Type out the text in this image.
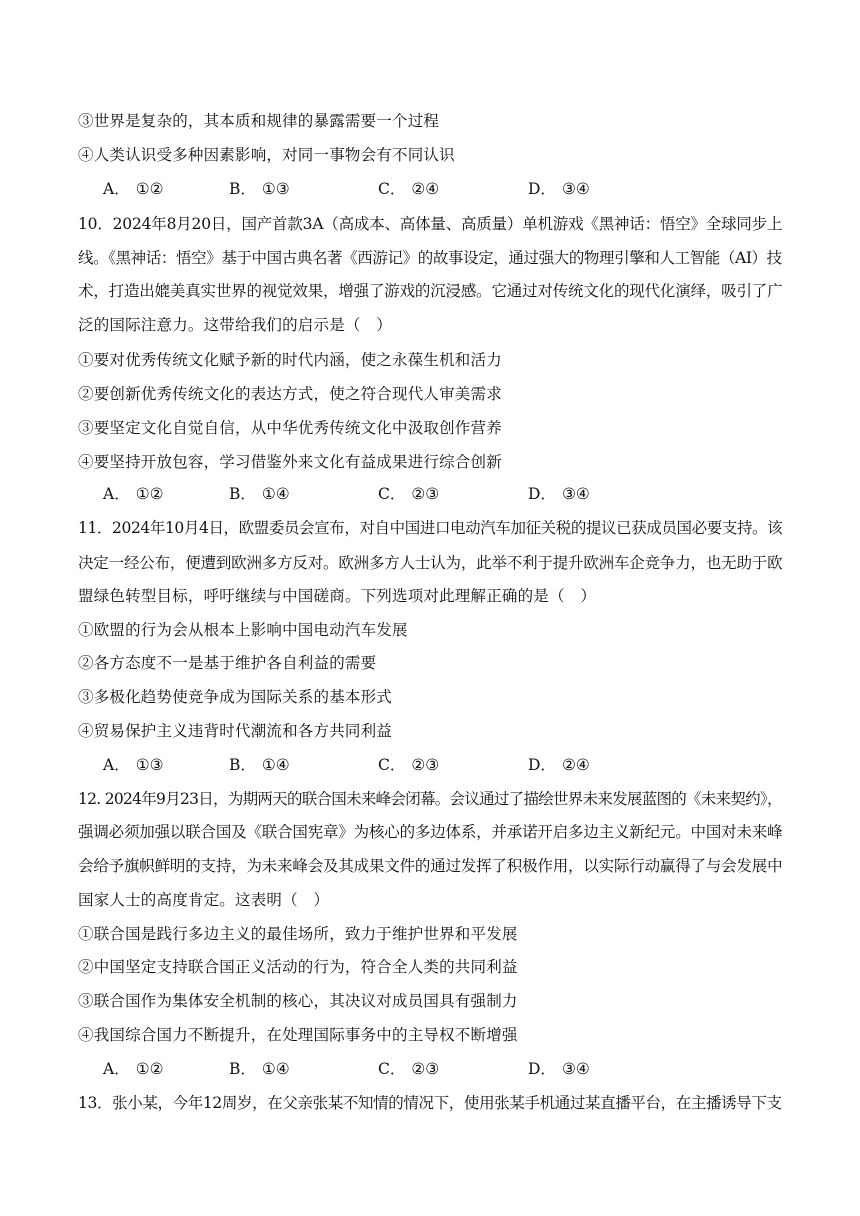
③世界是复杂的，其本质和规律的暴露需要一个过程
④人类认识受多种因素影响，对同一事物会有不同认识
A． ①②	B． ①③	C． ②④	D． ③④
10．2024年8月20日，国产首款3A（高成本、高体量、高质量）单机游戏《黑神话：悟空》全球同步上
线。《黑神话：悟空》基于中国古典名著《西游记》的故事设定，通过强大的物理引擎和人工智能（AI）技
术，打造出媲美真实世界的视觉效果，增强了游戏的沉浸感。它通过对传统文化的现代化演绎，吸引了广
泛的国际注意力。这带给我们的启示是（　）
①要对优秀传统文化赋予新的时代内涵，使之永葆生机和活力
②要创新优秀传统文化的表达方式，使之符合现代人审美需求
③要坚定文化自觉自信，从中华优秀传统文化中汲取创作营养
④要坚持开放包容，学习借鉴外来文化有益成果进行综合创新
A． ①②	B． ①④	C． ②③	D． ③④
11．2024年10月4日，欧盟委员会宣布，对自中国进口电动汽车加征关税的提议已获成员国必要支持。该
决定一经公布，便遭到欧洲多方反对。欧洲多方人士认为，此举不利于提升欧洲车企竞争力，也无助于欧
盟绿色转型目标，呼吁继续与中国磋商。下列选项对此理解正确的是（　）
①欧盟的行为会从根本上影响中国电动汽车发展
②各方态度不一是基于维护各自利益的需要
③多极化趋势使竞争成为国际关系的基本形式
④贸易保护主义违背时代潮流和各方共同利益
A． ①③	B． ①④	C． ②③	D． ②④
12. 2024年9月23日，为期两天的联合国未来峰会闭幕。会议通过了描绘世界未来发展蓝图的《未来契约》，
强调必须加强以联合国及《联合国宪章》为核心的多边体系，并承诺开启多边主义新纪元。中国对未来峰
会给予旗帜鲜明的支持，为未来峰会及其成果文件的通过发挥了积极作用，以实际行动赢得了与会发展中
国家人士的高度肯定。这表明（　）
①联合国是践行多边主义的最佳场所，致力于维护世界和平发展
②中国坚定支持联合国正义活动的行为，符合全人类的共同利益
③联合国作为集体安全机制的核心，其决议对成员国具有强制力
④我国综合国力不断提升，在处理国际事务中的主导权不断增强
A． ①②	B． ①④	C． ②③	D． ③④
13．张小某，今年12周岁，在父亲张某不知情的情况下，使用张某手机通过某直播平台，在主播诱导下支
